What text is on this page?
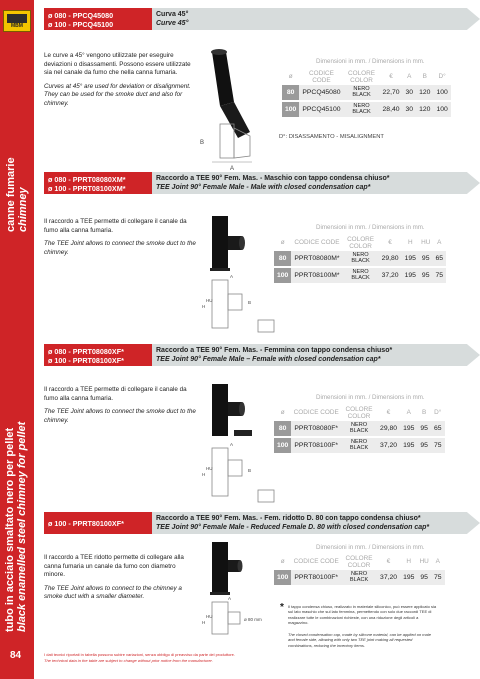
MBM
canne fumarie chimney
tubo in acciaio smaltato nero per pellet black enamelled steel chimney for pellet
84
ø 080 - PPCQ45080
ø 100 - PPCQ45100
Curva 45°
Curve 45°
Le curve a 45° vengono utilizzate per eseguire deviazioni o disassamenti. Possono essere utilizzate sia nel canale da fumo che nella canna fumaria.
Curves at 45° are used for deviation or disalignment. They can be used for the smoke duct and also for chimney.
B
A
Dimensioni in mm. / Dimensions in mm.
ø	CODICE CODE	COLORE COLOR	€	A	B	D°
80	PPCQ45080	NERO BLACK	22,70	30	120	100
100	PPCQ45100	NERO BLACK	28,40	30	120	100
D°: DISASSAMENTO - MISALIGNMENT
ø 080 - PPRT08080XM*
ø 100 - PPRT08100XM*
Raccordo a TEE 90° Fem. Mas. - Maschio con tappo condensa chiuso*
TEE Joint 90° Female Male - Male with closed condensation cap*
Il raccordo a TEE permette di collegare il canale da fumo alla canna fumaria.
The TEE Joint allows to connect the smoke duct to the chimney.
H
HU
A
B
Dimensioni in mm. / Dimensions in mm.
ø	CODICE CODE	COLORE COLOR	€	H	HU	A
80	PPRT08080M*	NERO BLACK	29,80	195	95	65
100	PPRT08100M*	NERO BLACK	37,20	195	95	75
ø 080 - PPRT08080XF*
ø 100 - PPRT08100XF*
Raccordo a TEE 90° Fem. Mas. - Femmina con tappo condensa chiuso*
TEE Joint 90° Female Male – Female with closed condensation cap*
Il raccordo a TEE permette di collegare il canale da fumo alla canna fumaria.
The TEE Joint allows to connect the smoke duct to the chimney.
H
HU
A
B
Dimensioni in mm. / Dimensions in mm.
ø	CODICE CODE	COLORE COLOR	€	A	B	D°
80	PPRT08080F*	NERO BLACK	29,80	195	95	65
100	PPRT08100F*	NERO BLACK	37,20	195	95	75
ø 100 - PPRT80100XF*
Raccordo a TEE 90° Fem. Mas. - Fem. ridotto D. 80 con tappo condensa chiuso*
TEE Joint 90° Female Male - Reduced Female D. 80 with closed condensation cap*
Il raccordo a TEE ridotto permette di collegare alla canna fumaria un canale da fumo con diametro minore.
The TEE Joint allows to connect to the chimney a smoke duct with a smaller diameter.
H
HU
A
ø 80 mm
Dimensioni in mm. / Dimensions in mm.
ø	CODICE CODE	COLORE COLOR	€	H	HU	A
100	PPRT80100F*	NERO BLACK	37,20	195	95	75
* Il tappo condensa chiuso, realizzato in materiale siliconico, può essere applicato sia sul lato maschio che sul lato femmina, permettendo con solo due raccordi TEE di realizzare tutte le combinazioni richieste, con una riduzione degli articoli a magazzino.
The closed condensation cap, made by silicone material, can be applied on male and female side, allowing with only two TEE joint making all requested combinations, reducing the inventory items.
I dati tecnici riportati in tabella possono subire variazioni, senza obbligo di preavviso da parte del produttore.
The technical data in the table are subject to change without prior notice from the manufacturer.
